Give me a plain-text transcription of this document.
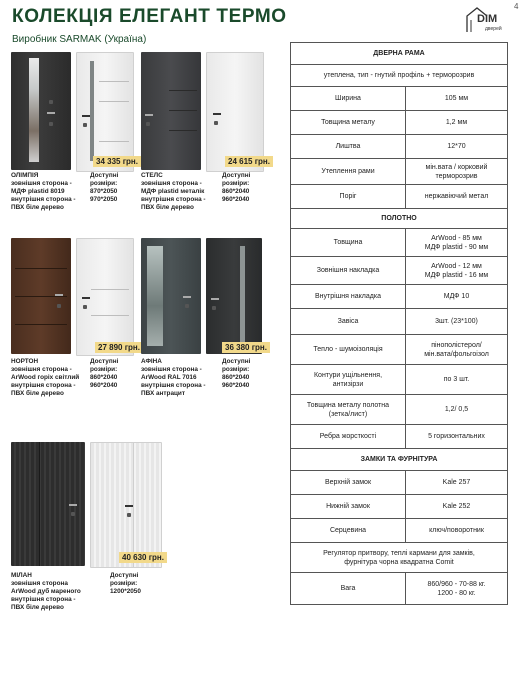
КОЛЕКЦІЯ ЕЛЕГАНТ ТЕРМО
Виробник SARMAK (Україна)
DIM
дверей
4
34 335 грн.
ОЛІМПІЯ
зовнішня сторона -
МДФ plastid 8019
внутрішня сторона -
ПВХ біле дерево
Доступні
розміри:
870*2050
970*2050
24 615 грн.
СТЕЛС
зовнішня сторона -
МДФ plastid металік
внутрішня сторона -
ПВХ біле дерево
Доступні
розміри:
860*2040
960*2040
27 890 грн.
НОРТОН
зовнішня сторона -
ArWood горіх світлий
внутрішня сторона -
ПВХ біле дерево
Доступні
розміри:
860*2040
960*2040
36 380 грн.
АФІНА
зовнішня сторона -
ArWood RAL 7016
внутрішня сторона -
ПВХ антрацит
Доступні
розміри:
860*2040
960*2040
40 630 грн.
МІЛАН
зовнішня сторона
ArWood дуб мареного
внутрішня сторона -
ПВХ біле дерево
Доступні
розміри:
1200*2050
ДВЕРНА РАМА	
утеплена, тип - гнутий профіль + терморозрив	
Ширина	105 мм
Товщина металу	1,2 мм
Лиштва	12*70
Утеплення рами	мін.вата / корковий
терморозрив

Поріг	нержавіючий метал
ПОЛОТНО	
Товщина	ArWood - 85 мм
МДФ plastid - 90 мм

Зовнішня накладка	ArWood - 12 мм
МДФ plastid - 16 мм

Внутрішня накладка	МДФ 10
Завіса	3шт. (23*100)
Тепло - шумоізоляція	пінополістерол/
мін.вата/фольгоізол

Контури ущільнення,
антизірзи	по 3 шт.

Товщина металу полотна
(зетка/лист)	1,2/ 0,5
Ребра жорсткості	5 горизонтальних
ЗАМКИ ТА ФУРНІТУРА	
Верхній замок	Kale 257
Нижній замок	Kale 252
Серцевина	ключ/поворотник

Регулятор притвору, теплі кармани для замків,
фурнітура чорна квадратна Comit	

Вага	860/960 - 70-88 кг.
1200 - 80 кг.
